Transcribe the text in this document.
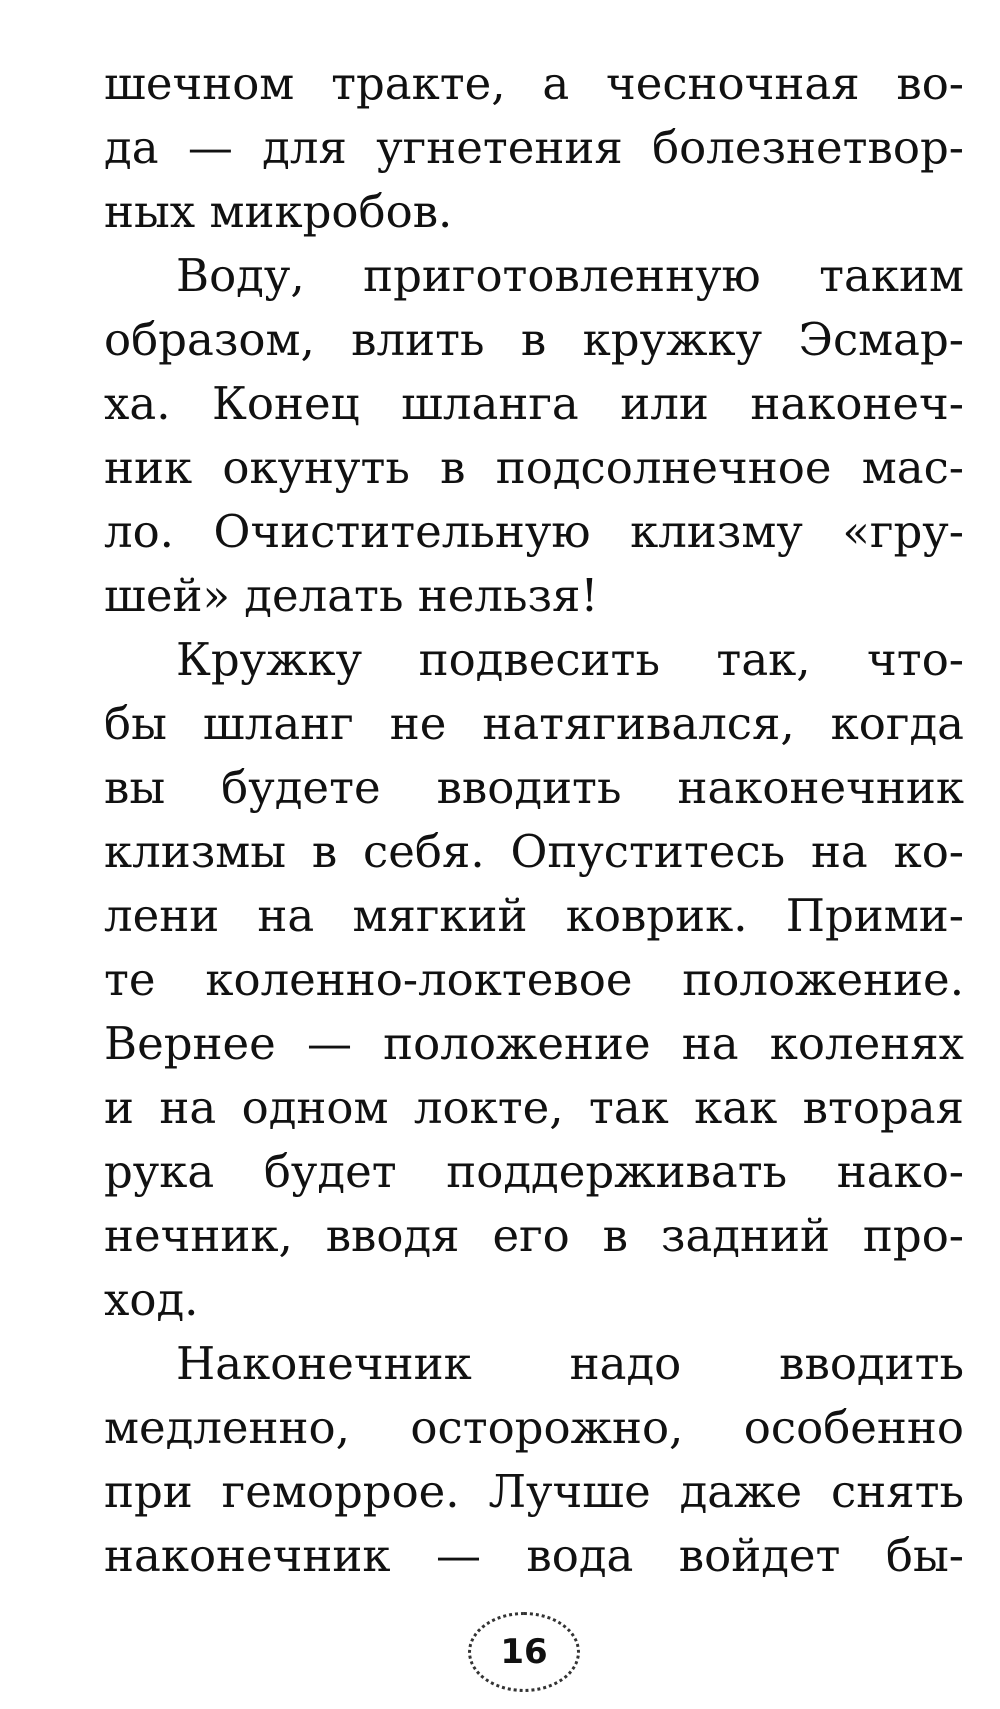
шечном тракте, а чесночная во-
да — для угнетения болезнетвор-
ных микробов.
Воду, приготовленную таким
образом, влить в кружку Эсмар-
ха. Конец шланга или наконеч-
ник окунуть в подсолнечное мас-
ло. Очистительную клизму «гру-
шей» делать нельзя!
Кружку подвесить так, что-
бы шланг не натягивался, когда
вы будете вводить наконечник
клизмы в себя. Опуститесь на ко-
лени на мягкий коврик. Прими-
те коленно-локтевое положение.
Вернее — положение на коленях
и на одном локте, так как вторая
рука будет поддерживать нако-
нечник, вводя его в задний про-
ход.
Наконечник надо вводить
медленно, осторожно, особенно
при геморрое. Лучше даже снять
наконечник — вода войдет бы-
16
